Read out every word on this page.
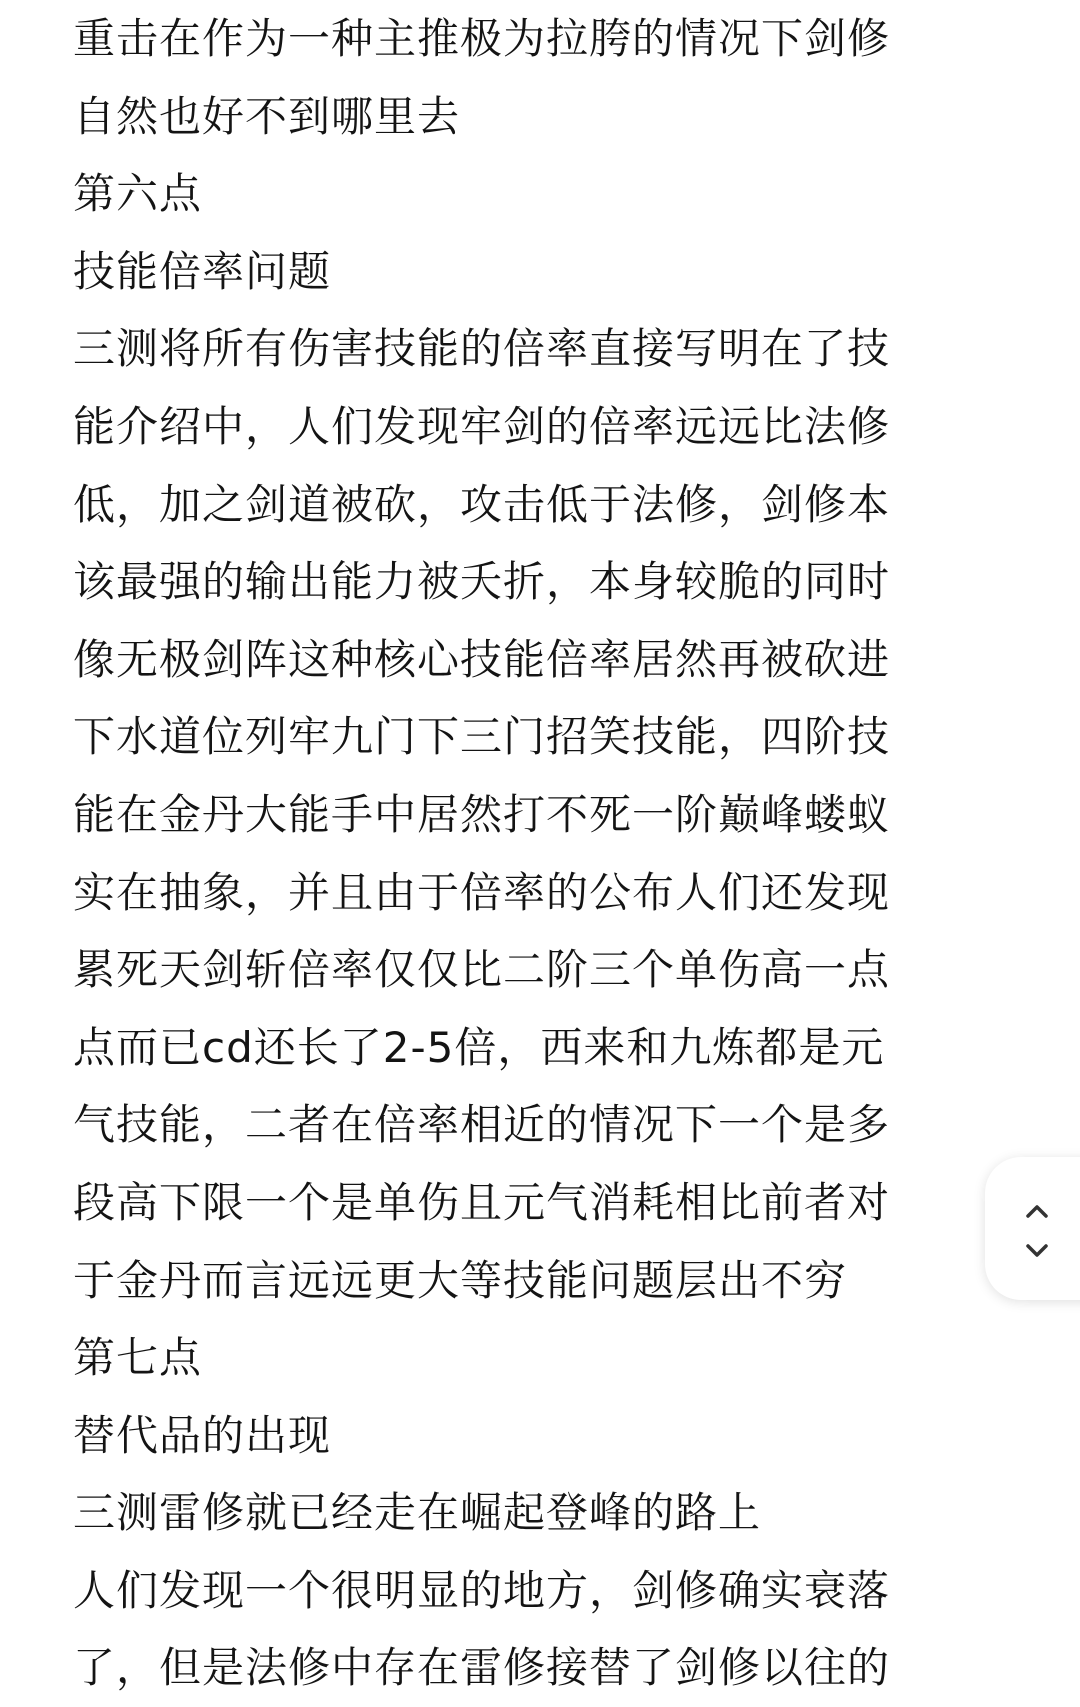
重击在作为一种主推极为拉胯的情况下剑修
自然也好不到哪里去
第六点
技能倍率问题
三测将所有伤害技能的倍率直接写明在了技
能介绍中，人们发现牢剑的倍率远远比法修
低，加之剑道被砍，攻击低于法修，剑修本
该最强的输出能力被夭折，本身较脆的同时
像无极剑阵这种核心技能倍率居然再被砍进
下水道位列牢九门下三门招笑技能，四阶技
能在金丹大能手中居然打不死一阶巅峰蝼蚁
实在抽象，并且由于倍率的公布人们还发现
累死天剑斩倍率仅仅比二阶三个单伤高一点
点而已cd还长了2-5倍，西来和九炼都是元
气技能，二者在倍率相近的情况下一个是多
段高下限一个是单伤且元气消耗相比前者对
于金丹而言远远更大等技能问题层出不穷
第七点
替代品的出现
三测雷修就已经走在崛起登峰的路上
人们发现一个很明显的地方，剑修确实衰落
了，但是法修中存在雷修接替了剑修以往的
